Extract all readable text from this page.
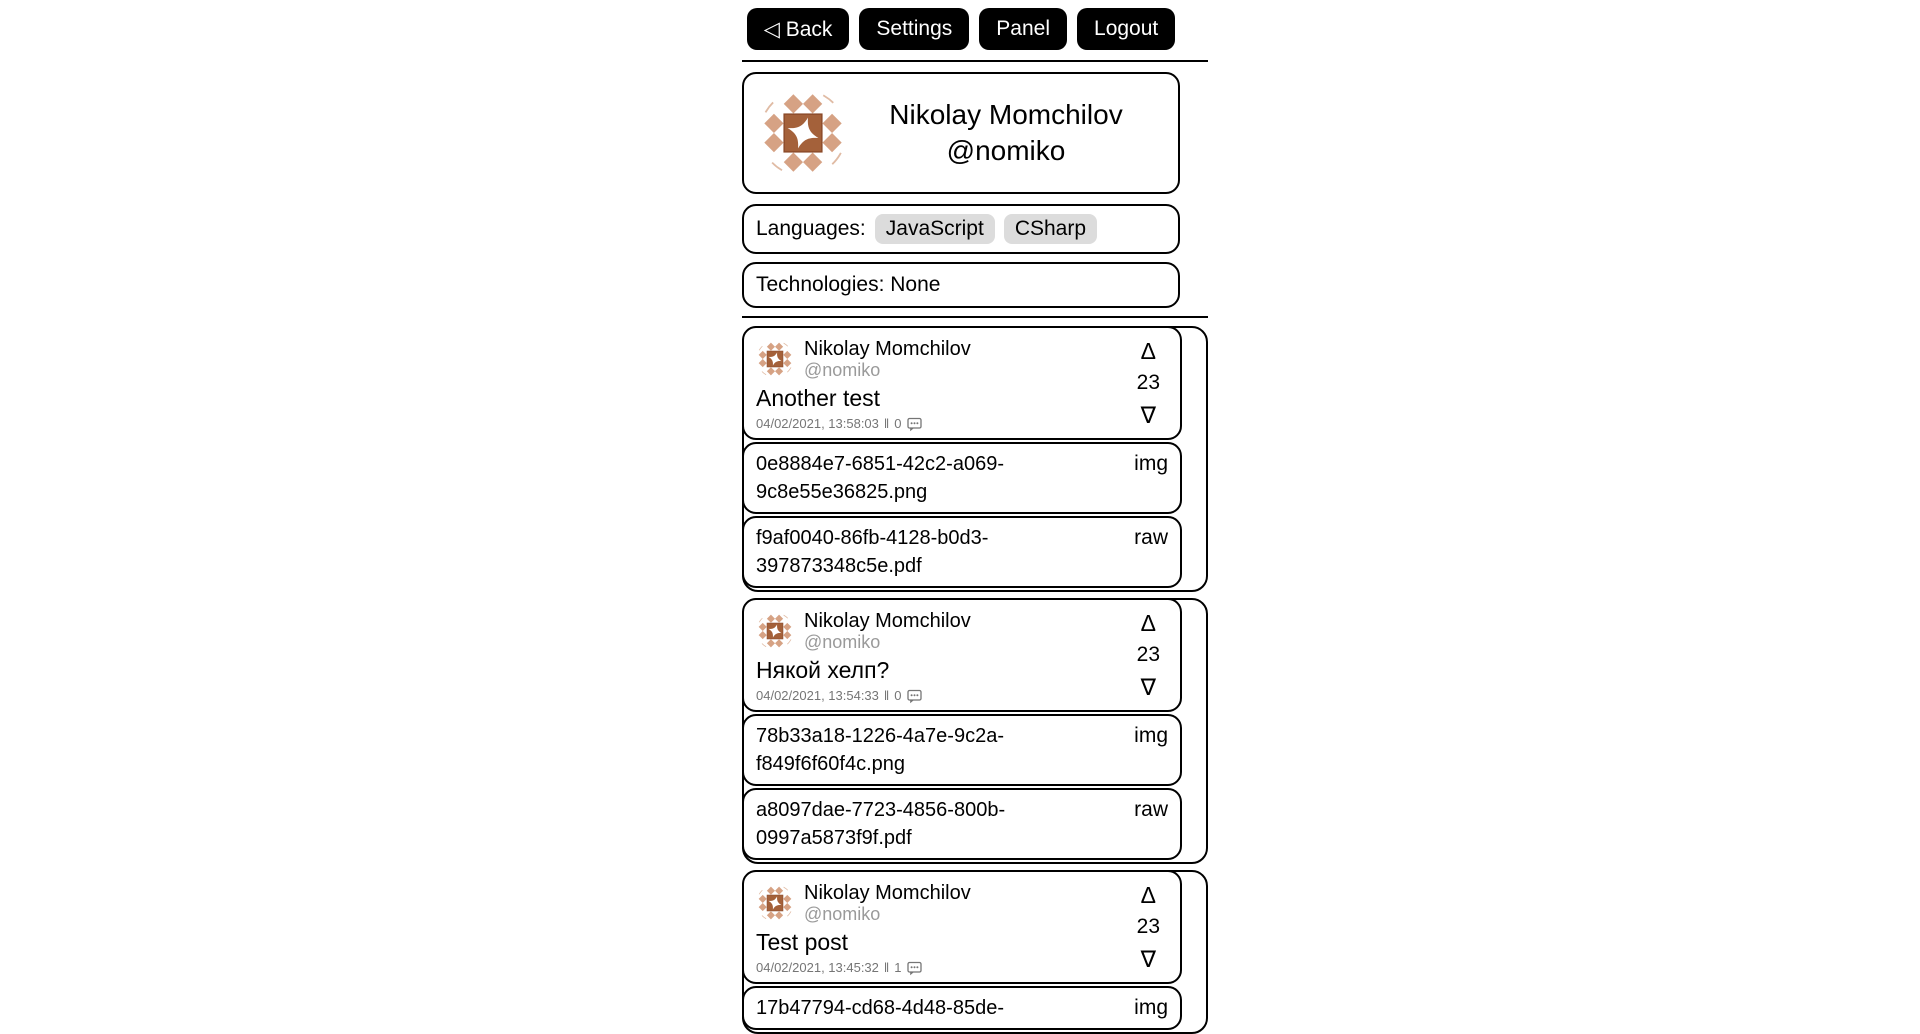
◁ Back	Settings	Panel	Logout
Nikolay Momchilov
@nomiko
Languages: JavaScript	CSharp
Technologies: None
Nikolay Momchilov
@nomiko
Another test
04/02/2021, 13:58:03 ‖ 0
Δ
23
∇
0e8884e7-6851-42c2-a069-9c8e55e36825.png
img
f9af0040-86fb-4128-b0d3-397873348c5e.pdf
raw
Nikolay Momchilov
@nomiko
Някой хелп?
04/02/2021, 13:54:33 ‖ 0
Δ
23
∇
78b33a18-1226-4a7e-9c2a-f849f6f60f4c.png
img
a8097dae-7723-4856-800b-0997a5873f9f.pdf
raw
Nikolay Momchilov
@nomiko
Test post
04/02/2021, 13:45:32 ‖ 1
Δ
23
∇
17b47794-cd68-4d48-85de-	img
